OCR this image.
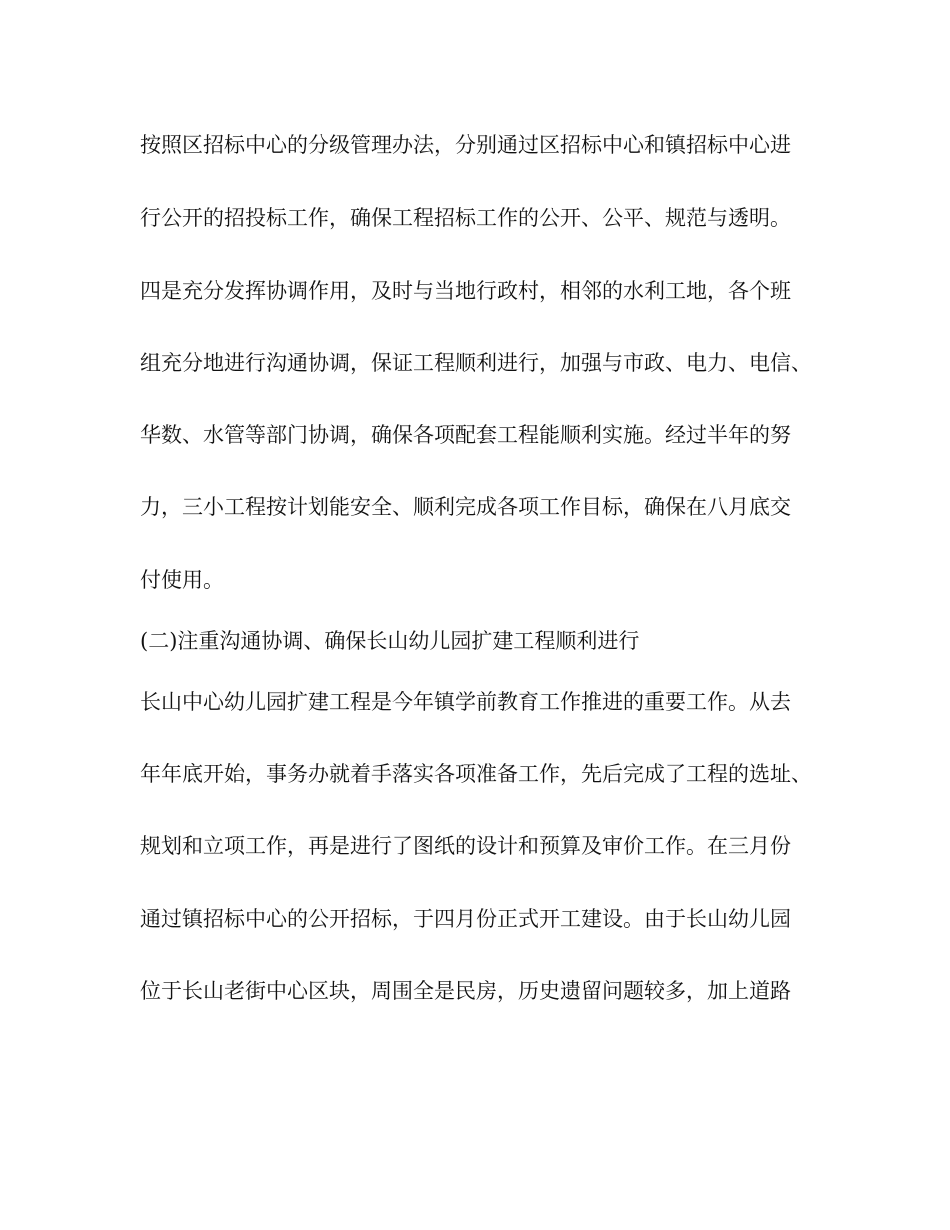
按照区招标中心的分级管理办法，分别通过区招标中心和镇招标中心进

行公开的招投标工作，确保工程招标工作的公开、公平、规范与透明。

四是充分发挥协调作用，及时与当地行政村，相邻的水利工地，各个班

组充分地进行沟通协调，保证工程顺利进行，加强与市政、电力、电信、

华数、水管等部门协调，确保各项配套工程能顺利实施。经过半年的努

力，三小工程按计划能安全、顺利完成各项工作目标，确保在八月底交

付使用。

(二)注重沟通协调、确保长山幼儿园扩建工程顺利进行

长山中心幼儿园扩建工程是今年镇学前教育工作推进的重要工作。从去

年年底开始，事务办就着手落实各项准备工作，先后完成了工程的选址、

规划和立项工作，再是进行了图纸的设计和预算及审价工作。在三月份

通过镇招标中心的公开招标，于四月份正式开工建设。由于长山幼儿园

位于长山老街中心区块，周围全是民房，历史遗留问题较多，加上道路
